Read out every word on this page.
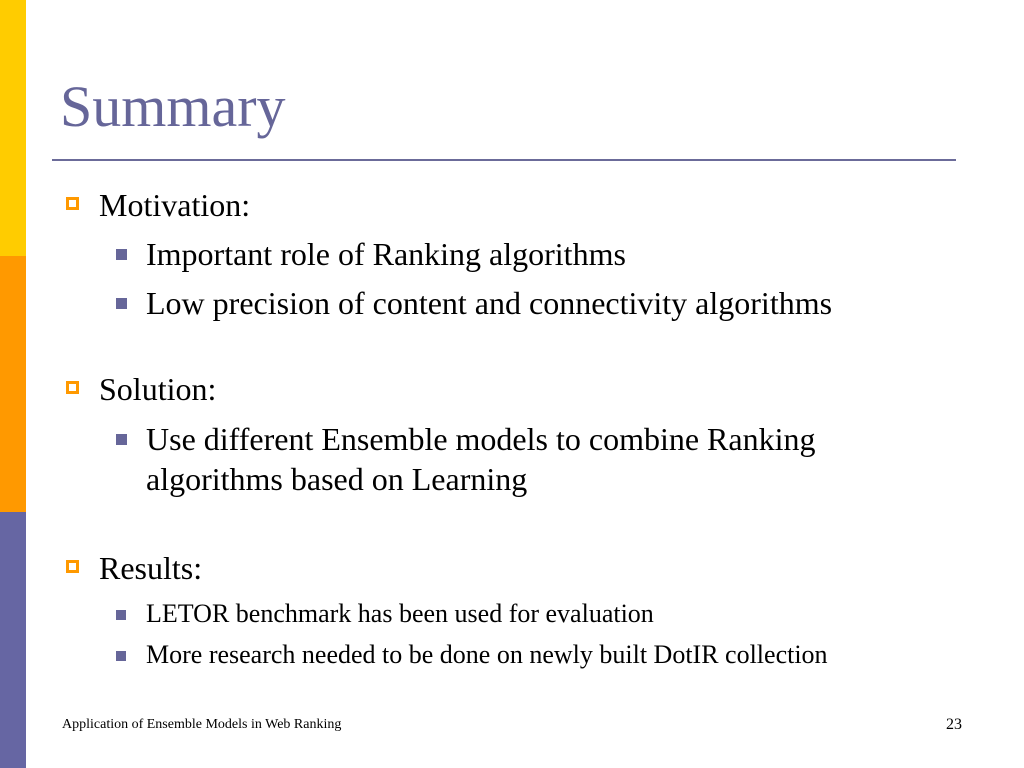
Summary
Motivation:
Important role of Ranking algorithms
Low precision of content and connectivity algorithms
Solution:
Use different Ensemble models to combine Ranking
algorithms based on Learning
Results:
LETOR benchmark has been used for evaluation
More research needed to be done on newly built DotIR collection
Application of Ensemble Models in Web Ranking	23
